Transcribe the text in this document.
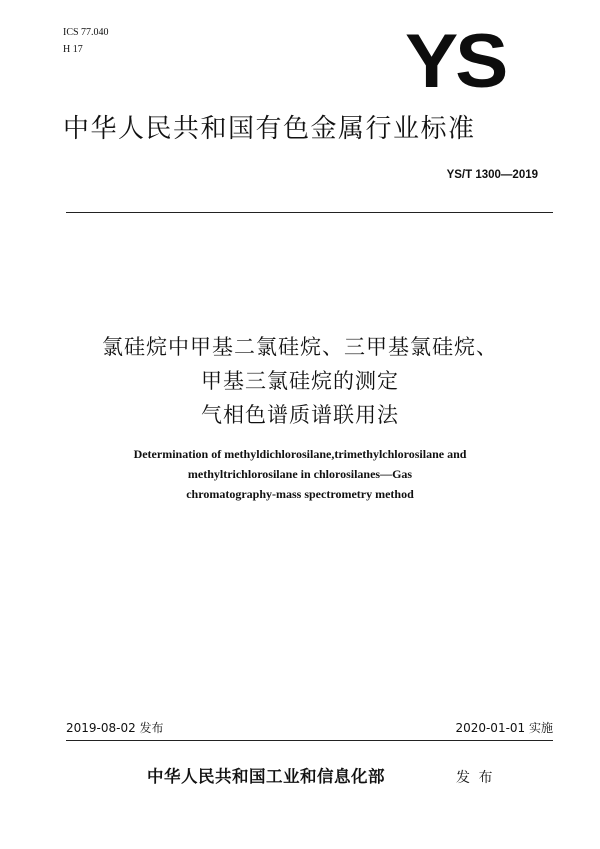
ICS 77.040
H 17	YS
中华人民共和国有色金属行业标准
YS/T 1300—2019
氯硅烷中甲基二氯硅烷、三甲基氯硅烷、
甲基三氯硅烷的测定
气相色谱质谱联用法
Determination of methyldichlorosilane,trimethylchlorosilane and
methyltrichlorosilane in chlorosilanes—Gas
chromatography-mass spectrometry method
2019-08-02 发布	2020-01-01 实施
中华人民共和国工业和信息化部	发 布
